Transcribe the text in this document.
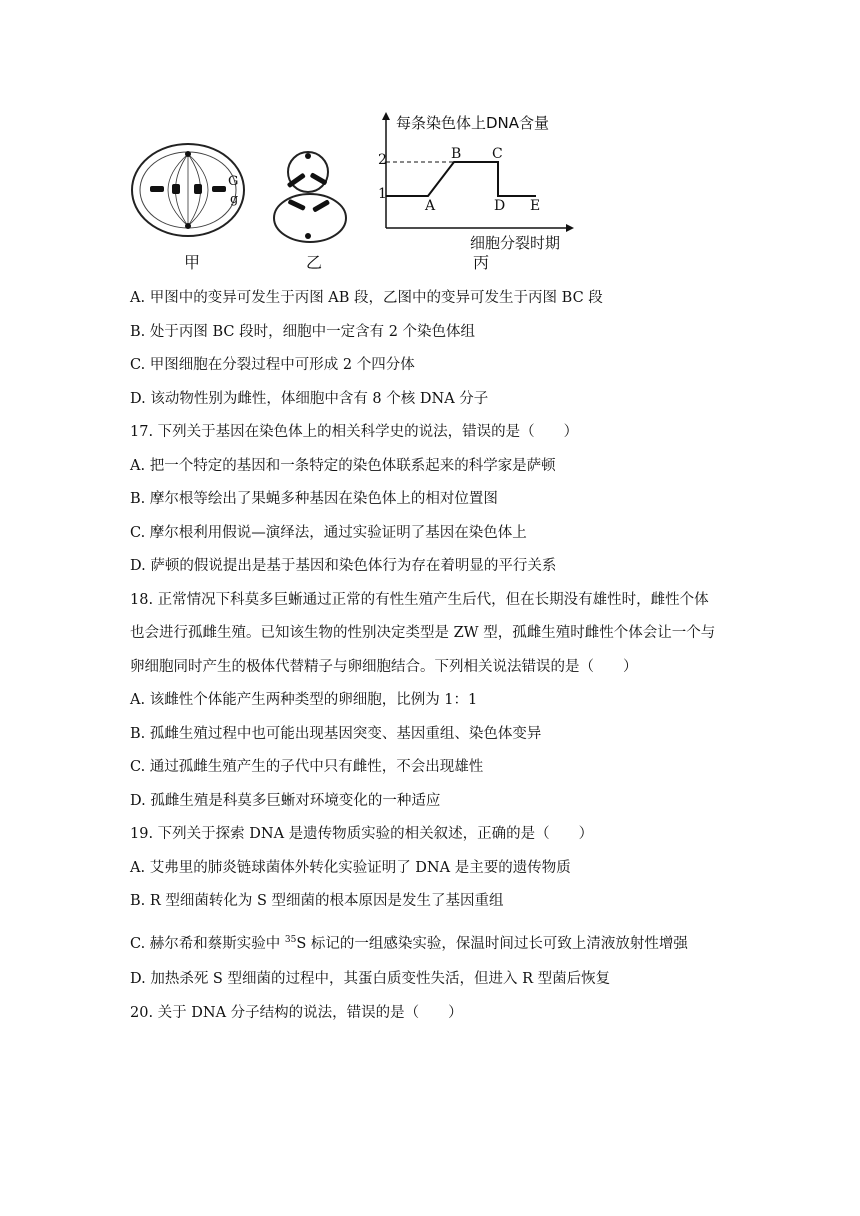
甲
G
g
乙
每条染色体上DNA含量
2
1
A
B C
D E
细胞分裂时期
丙
A. 甲图中的变异可发生于丙图 AB 段，乙图中的变异可发生于丙图 BC 段
B. 处于丙图 BC 段时，细胞中一定含有 2 个染色体组
C. 甲图细胞在分裂过程中可形成 2 个四分体
D. 该动物性别为雌性，体细胞中含有 8 个核 DNA 分子
17. 下列关于基因在染色体上的相关科学史的说法，错误的是（　　）
A. 把一个特定的基因和一条特定的染色体联系起来的科学家是萨顿
B. 摩尔根等绘出了果蝇多种基因在染色体上的相对位置图
C. 摩尔根利用假说—演绎法，通过实验证明了基因在染色体上
D. 萨顿的假说提出是基于基因和染色体行为存在着明显的平行关系
18. 正常情况下科莫多巨蜥通过正常的有性生殖产生后代，但在长期没有雄性时，雌性个体
也会进行孤雌生殖。已知该生物的性别决定类型是 ZW 型，孤雌生殖时雌性个体会让一个与
卵细胞同时产生的极体代替精子与卵细胞结合。下列相关说法错误的是（　　）
A. 该雌性个体能产生两种类型的卵细胞，比例为 1：1
B. 孤雌生殖过程中也可能出现基因突变、基因重组、染色体变异
C. 通过孤雌生殖产生的子代中只有雌性，不会出现雄性
D. 孤雌生殖是科莫多巨蜥对环境变化的一种适应
19. 下列关于探索 DNA 是遗传物质实验的相关叙述，正确的是（　　）
A. 艾弗里的肺炎链球菌体外转化实验证明了 DNA 是主要的遗传物质
B. R 型细菌转化为 S 型细菌的根本原因是发生了基因重组
C. 赫尔希和蔡斯实验中 $^{35}$S 标记的一组感染实验，保温时间过长可致上清液放射性增强
D. 加热杀死 S 型细菌的过程中，其蛋白质变性失活，但进入 R 型菌后恢复
20. 关于 DNA 分子结构的说法，错误的是（　　）
